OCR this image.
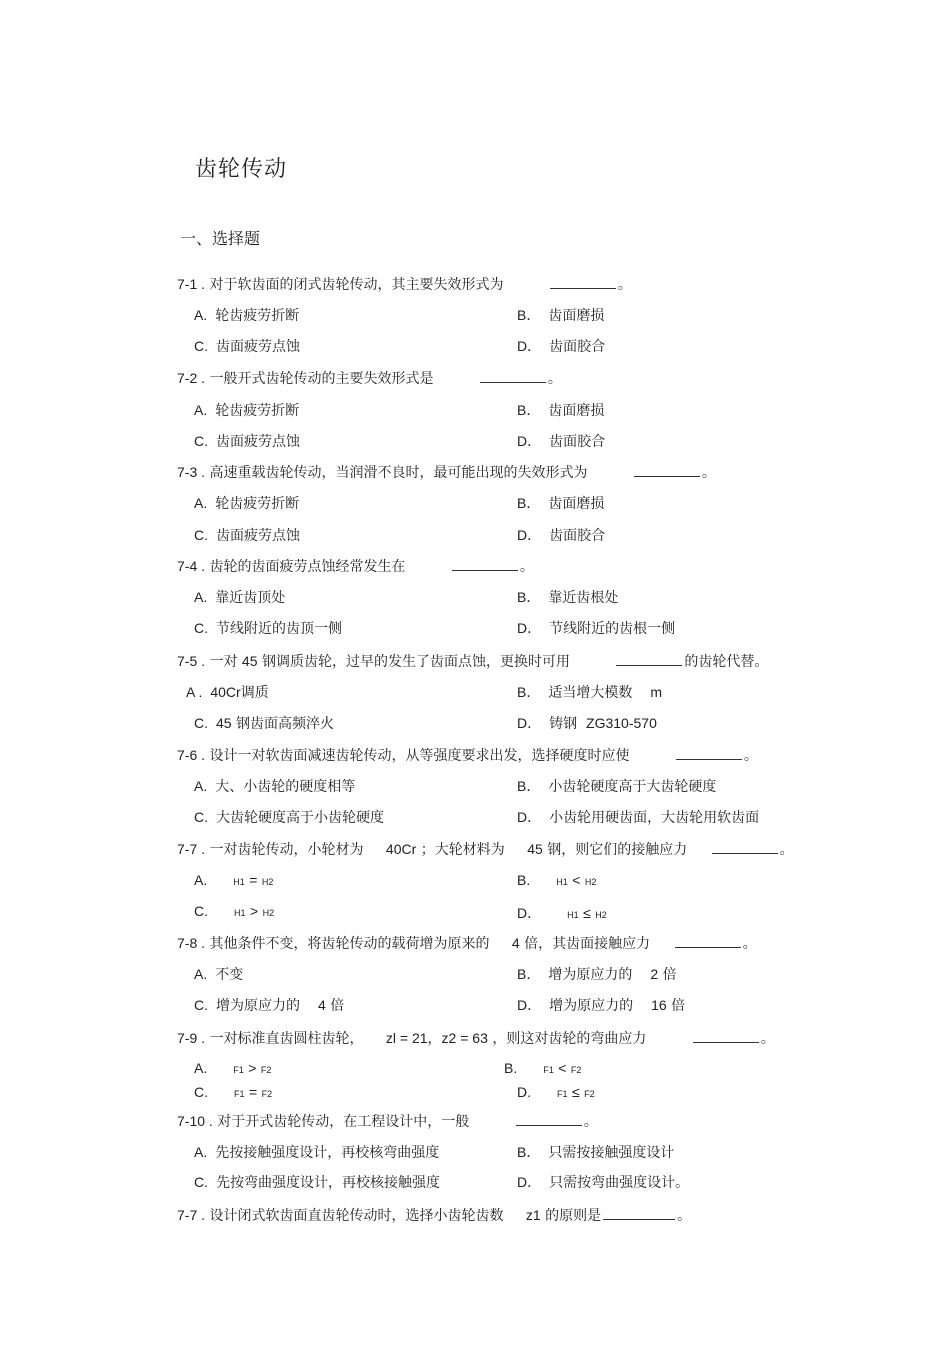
齿轮传动
一、选择题
7-1 . 对于软齿面的闭式齿轮传动，其主要失效形式为	。
A. 轮齿疲劳折断	B． 齿面磨损
C. 齿面疲劳点蚀	D． 齿面胶合
7-2 . 一般开式齿轮传动的主要失效形式是	。
A. 轮齿疲劳折断	B． 齿面磨损
C. 齿面疲劳点蚀	D． 齿面胶合
7-3 . 高速重载齿轮传动，当润滑不良时，最可能出现的失效形式为	。
A. 轮齿疲劳折断	B． 齿面磨损
C. 齿面疲劳点蚀	D． 齿面胶合
7-4 . 齿轮的齿面疲劳点蚀经常发生在	。
A. 靠近齿顶处	B． 靠近齿根处
C. 节线附近的齿顶一侧	D． 节线附近的齿根一侧
7-5 . 一对 45 钢调质齿轮，过早的发生了齿面点蚀，更换时可用	的齿轮代替。
A . 40Cr调质	B． 适当增大模数 m
C. 45 钢齿面高频淬火	D． 铸钢 ZG310-570
7-6 . 设计一对软齿面减速齿轮传动，从等强度要求出发，选择硬度时应使	。
A. 大、小齿轮的硬度相等	B． 小齿轮硬度高于大齿轮硬度
C. 大齿轮硬度高于小齿轮硬度	D． 小齿轮用硬齿面，大齿轮用软齿面
7-7 . 一对齿轮传动，小轮材为 40Cr ；大轮材料为 45 钢，则它们的接触应力	。
A.	H1 = H2	B.	H1 < H2
C.	H1 > H2	D．	H1 ≤ H2
7-8 . 其他条件不变，将齿轮传动的载荷增为原来的 4 倍，其齿面接触应力	。
A. 不变	B． 增为原应力的 2 倍
C. 增为原应力的 4 倍	D． 增为原应力的 16 倍
7-9 . 一对标准直齿圆柱齿轮， zl = 21，z2 = 63 ，则这对齿轮的弯曲应力	。
A.	F1 > F2	B.	F1 < F2
C.	F1 = F2	D.	F1 ≤ F2
7-10 . 对于开式齿轮传动，在工程设计中，一般	。
A. 先按接触强度设计，再校核弯曲强度	B． 只需按接触强度设计
C. 先按弯曲强度设计，再校核接触强度	D． 只需按弯曲强度设计。
7-7 . 设计闭式软齿面直齿轮传动时，选择小齿轮齿数 z1 的原则是	。
